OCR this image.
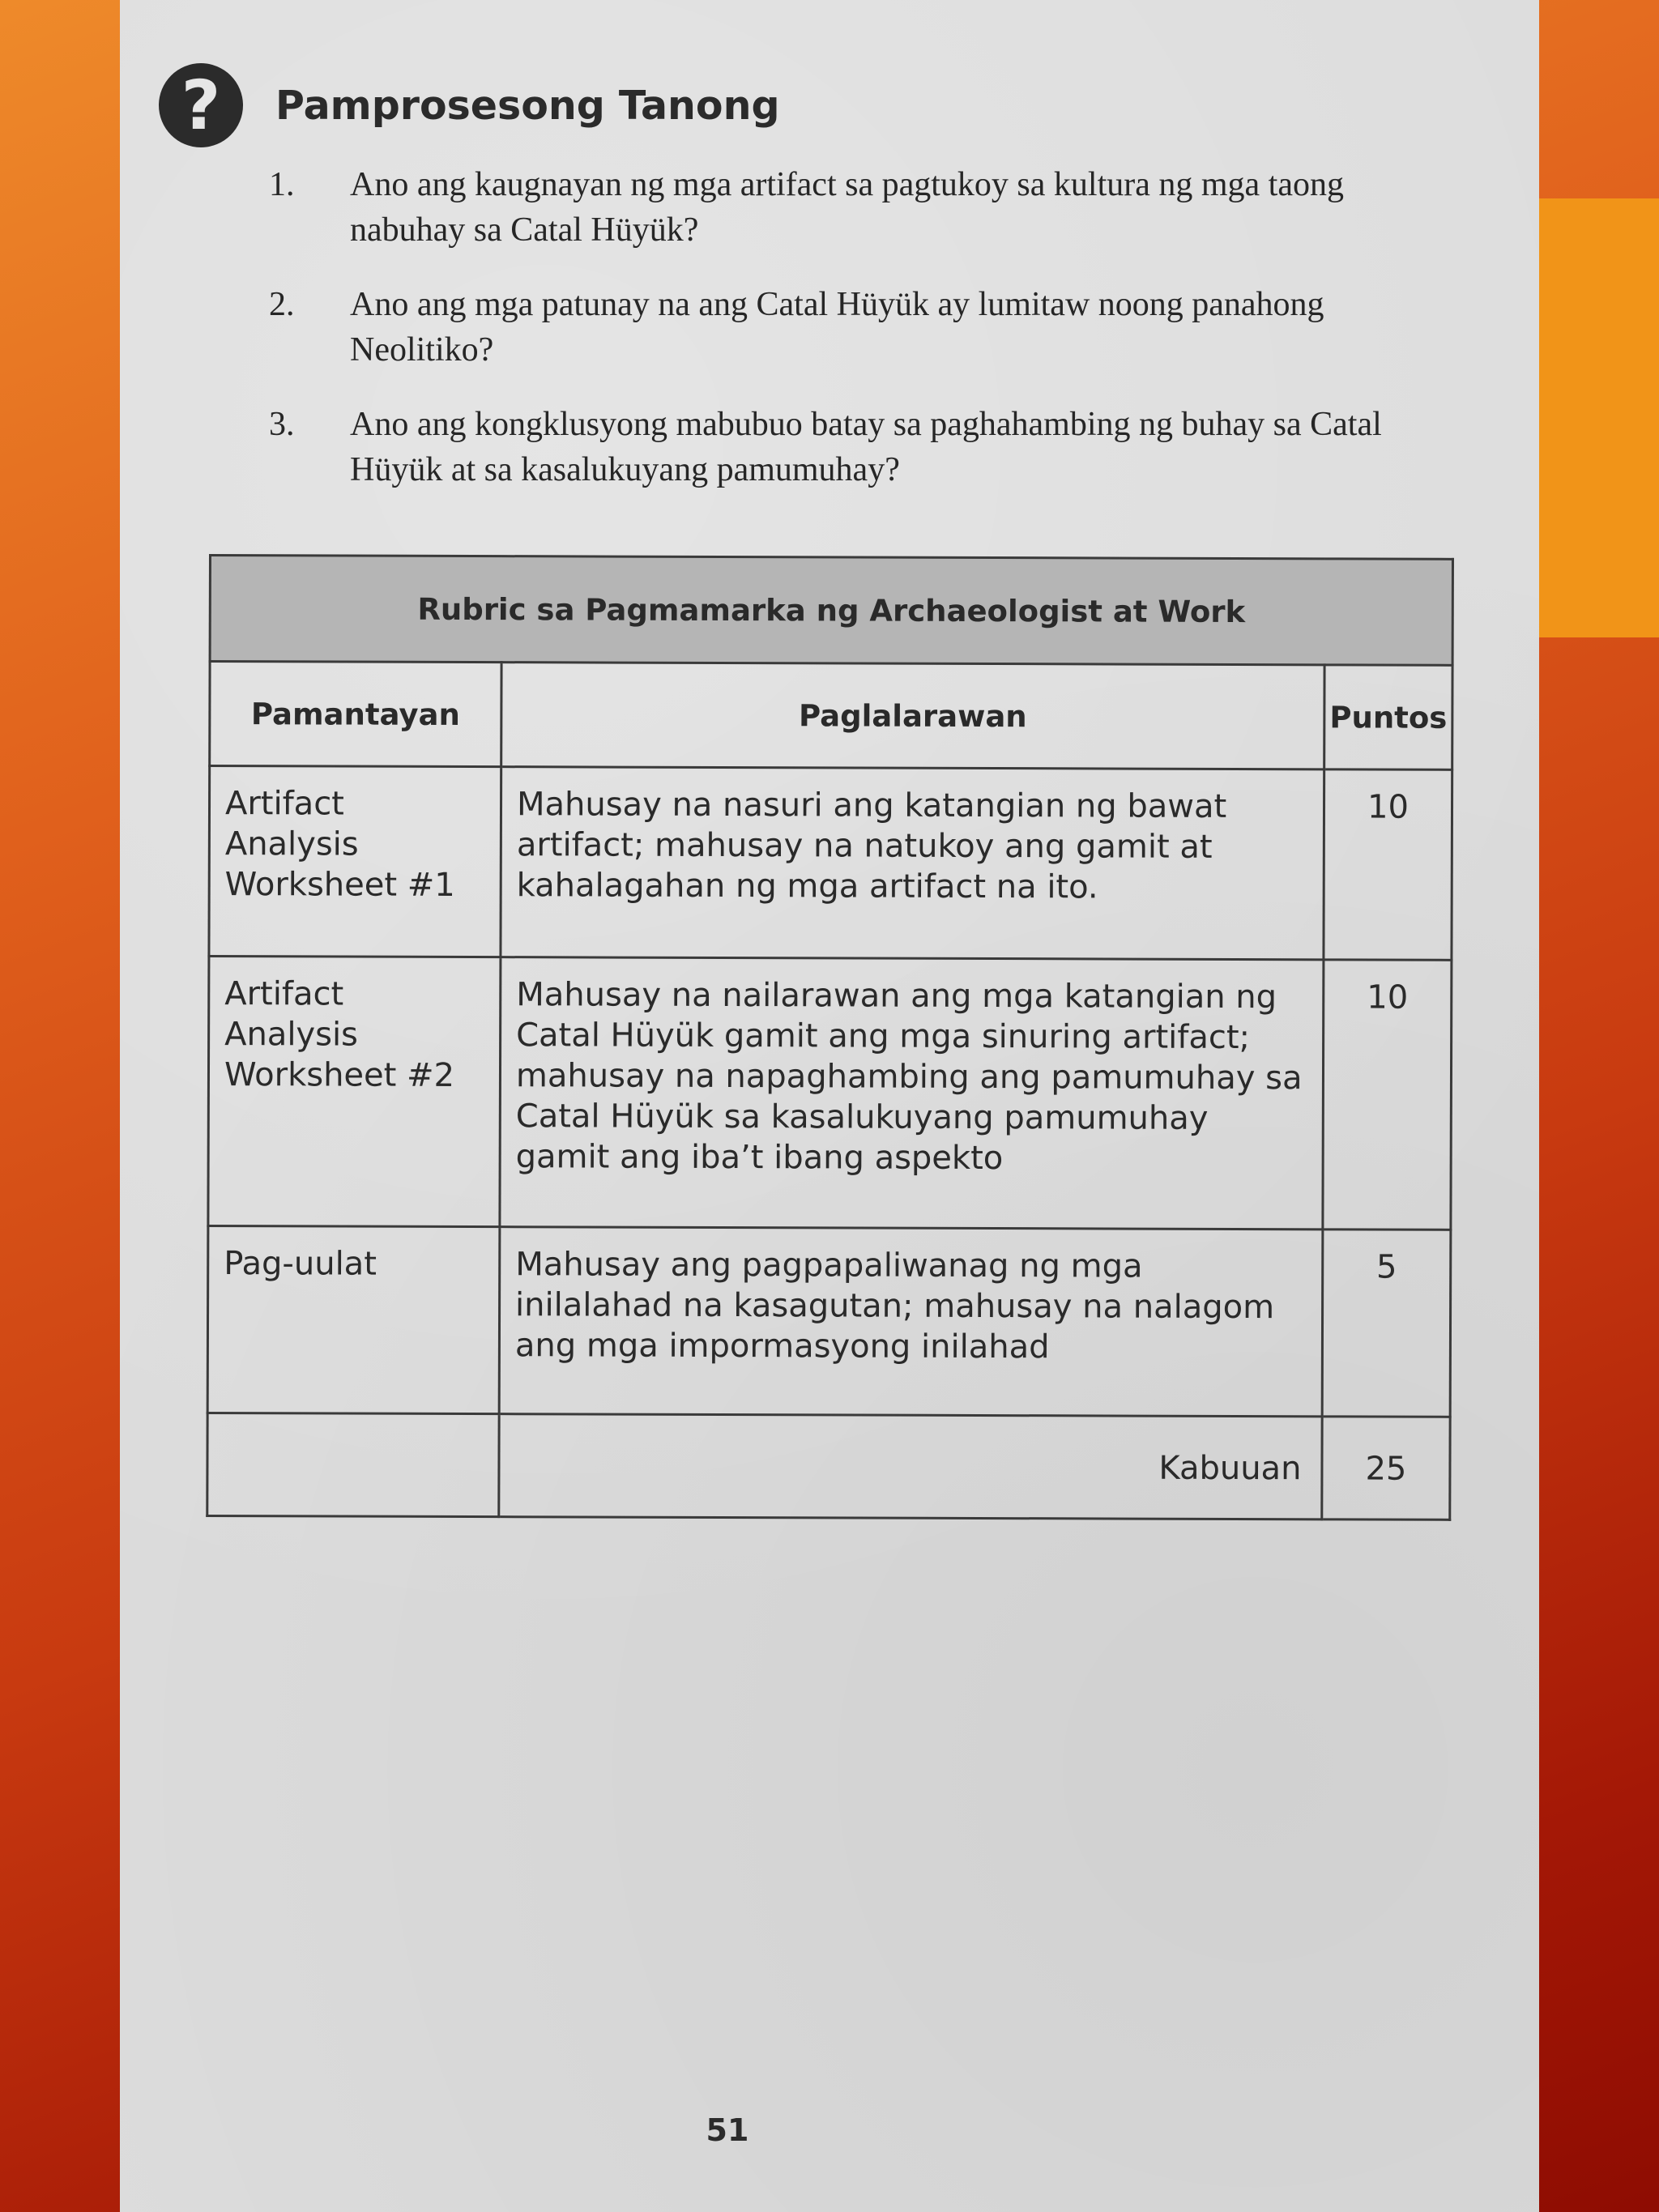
?	Pamprosesong Tanong
1.	Ano ang kaugnayan ng mga artifact sa pagtukoy sa kultura ng mga taong nabuhay sa Catal Hüyük?
2.	Ano ang mga patunay na ang Catal Hüyük ay lumitaw noong panahong Neolitiko?
3.	Ano ang kongklusyong mabubuo batay sa paghahambing ng buhay sa Catal Hüyük at sa kasalukuyang pamumuhay?
Rubric sa Pagmamarka ng Archaeologist at Work		
Pamantayan	Paglalarawan	Puntos
Artifact Analysis Worksheet #1	Mahusay na nasuri ang katangian ng bawat artifact; mahusay na natukoy ang gamit at kahalagahan ng mga artifact na ito.	10
Artifact Analysis Worksheet #2	Mahusay na nailarawan ang mga katangian ng Catal Hüyük gamit ang mga sinuring artifact; mahusay na napaghambing ang pamumuhay sa Catal Hüyük sa kasalukuyang pamumuhay gamit ang iba’t ibang aspekto	10
Pag-uulat	Mahusay ang pagpapaliwanag ng mga inilalahad na kasagutan; mahusay na nalagom ang mga impormasyong inilahad	5
	Kabuuan	25
51
